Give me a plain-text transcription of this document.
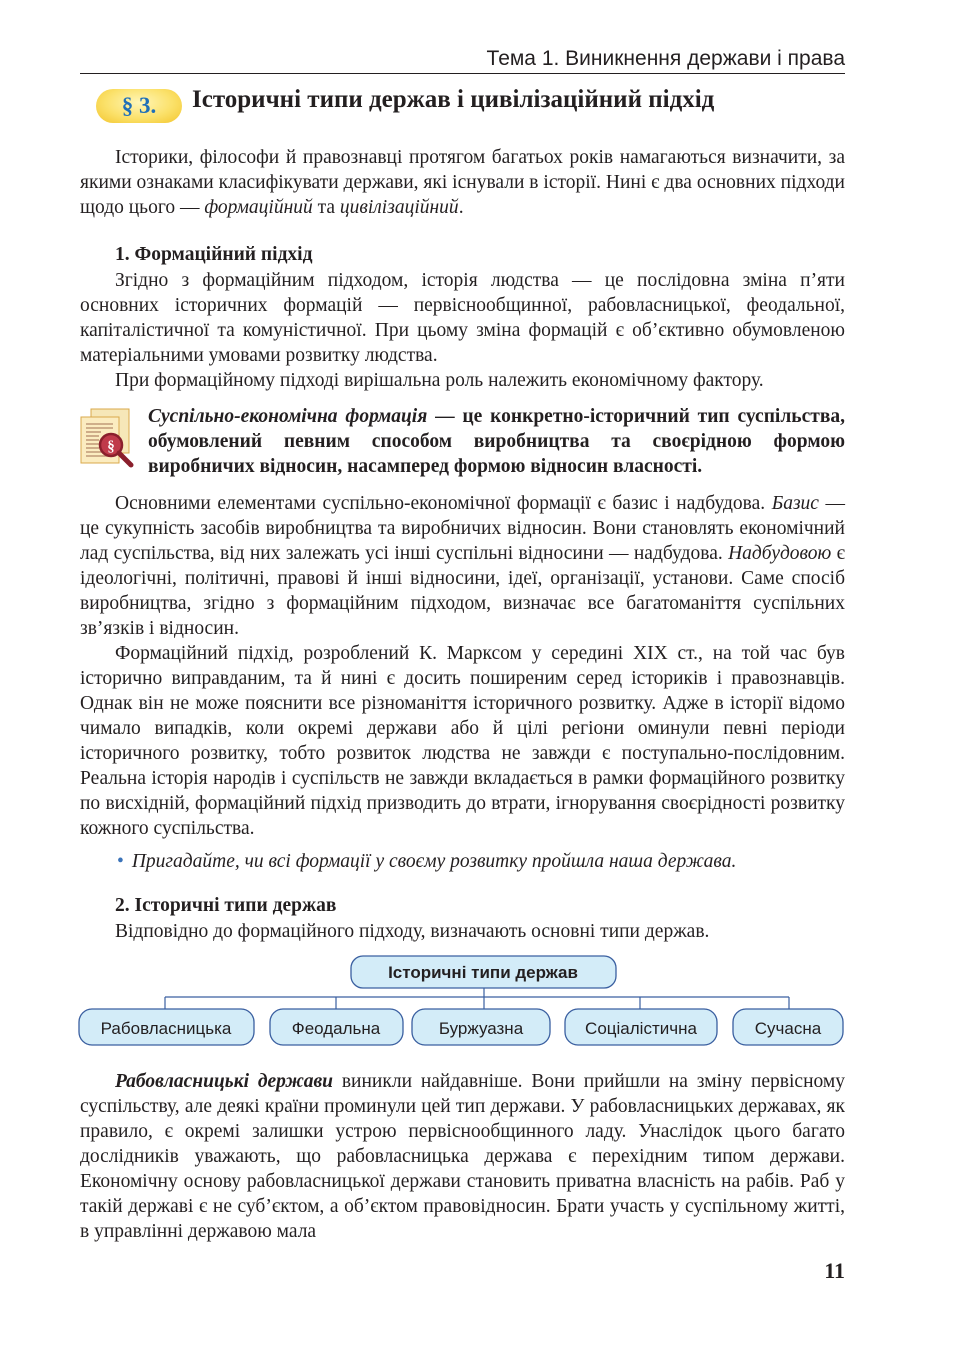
Тема 1. Виникнення держави і права
§ 3.	Історичні типи держав і цивілізаційний підхід

Історики, філософи й правознавці протягом багатьох років намагаються визначити, за якими ознаками класифікувати держави, які існували в історії. Нині є два основних підходи щодо цього — формаційний та цивілізаційний.

1. Формаційний підхід

Згідно з формаційним підходом, історія людства — це послідовна зміна п’яти основних історичних формацій — первіснообщинної, рабовласницької, феодальної, капіталістичної та комуністичної. При цьому зміна формацій є об’єктивно обумовленою матеріальними умовами розвитку людства.

При формаційному підході вирішальна роль належить економічному фактору.

§
Суспільно-економічна формація — це конкретно-історичний тип суспільства, обумовлений певним способом виробництва та своєрідною формою виробничих відносин, насамперед формою відносин власності.

Основними елементами суспільно-економічної формації є базис і надбудова. Базис — це сукупність засобів виробництва та виробничих відносин. Вони становлять економічний лад суспільства, від них залежать усі інші суспільні відносини — надбудова. Надбудовою є ідеологічні, політичні, правові й інші відносини, ідеї, організації, установи. Саме спосіб виробництва, згідно з формаційним підходом, визначає все багатоманіття суспільних зв’язків і відносин.

Формаційний підхід, розроблений К. Марксом у середині XIX ст., на той час був історично виправданим, та й нині є досить поширеним серед істориків і правознавців. Однак він не може пояснити все різноманіття історичного розвитку. Адже в історії відомо чимало випадків, коли окремі держави або й цілі регіони оминули певні періоди історичного розвитку, тобто розвиток людства не завжди є поступально-послідовним. Реальна історія народів і суспільств не завжди вкладається в рамки формаційного розвитку по висхідній, формаційний підхід призводить до втрати, ігнорування своєрідності розвитку кожного суспільства.

• Пригадайте, чи всі формації у своєму розвитку пройшла наша держава.
2. Історичні типи держав

Відповідно до формаційного підходу, визначають основні типи держав.

Історичні типи держав
Рабовласницька	Феодальна	Буржуазна	Соціалістична	Сучасна

Рабовласницькі держави виникли найдавніше. Вони прийшли на зміну первісному суспільству, але деякі країни проминули цей тип держави. У рабовласницьких державах, як правило, є окремі залишки устрою первіснообщинного ладу. Унаслідок цього багато дослідників уважають, що рабовласницька держава є перехідним типом держави. Економічну основу рабовласницької держави становить приватна власність на рабів. Раб у такій державі є не суб’єктом, а об’єктом правовідносин. Брати участь у суспільному житті, в управлінні державою мала

11
